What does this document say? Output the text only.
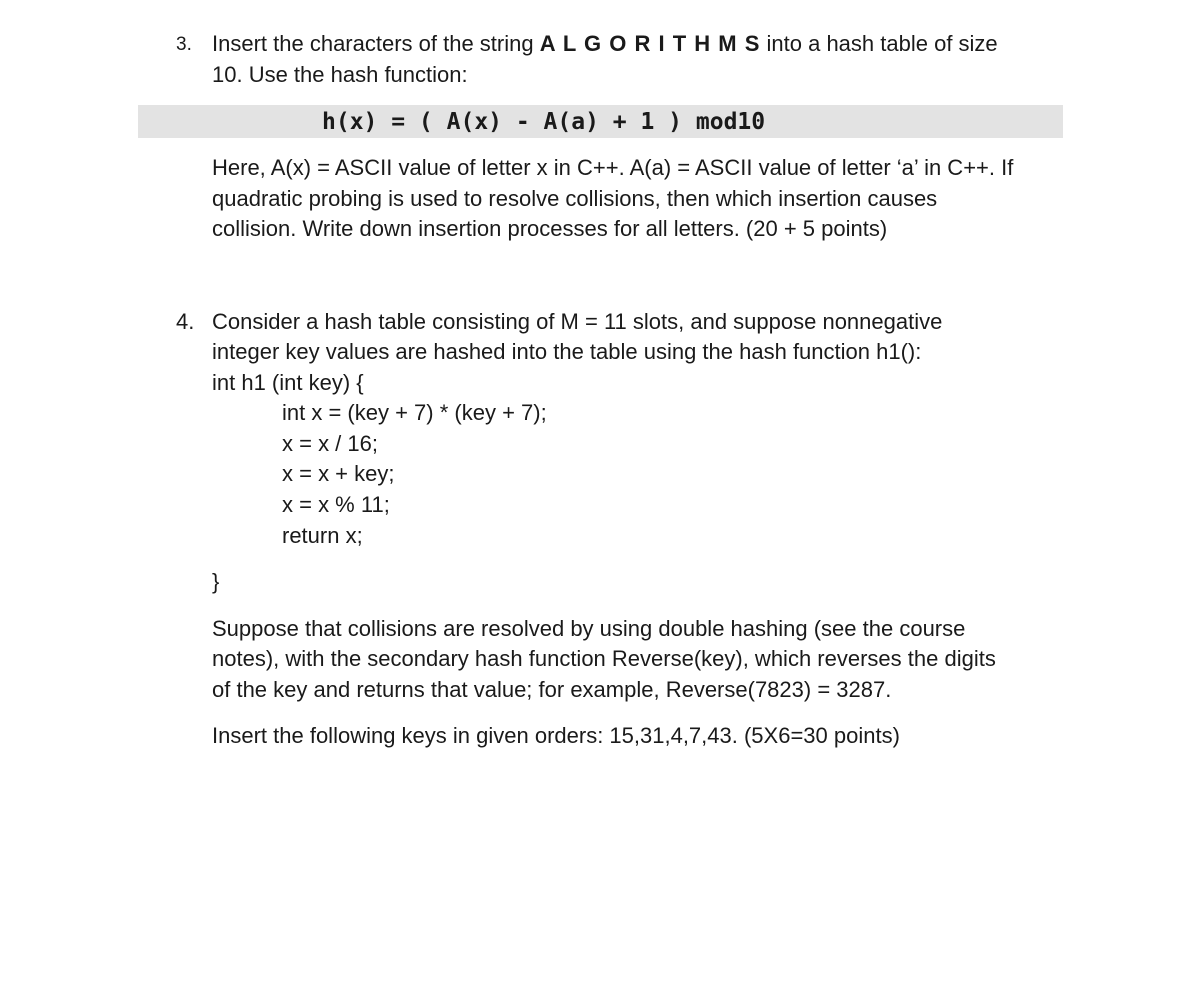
3. Insert the characters of the string A L G O R I T H M S into a hash table of size
10. Use the hash function:
h(x) = ( A(x) - A(a) + 1 ) mod10
Here, A(x) = ASCII value of letter x in C++. A(a) = ASCII value of letter ‘a’ in C++. If
quadratic probing is used to resolve collisions, then which insertion causes
collision. Write down insertion processes for all letters. (20 + 5 points)
4. Consider a hash table consisting of M = 11 slots, and suppose nonnegative
integer key values are hashed into the table using the hash function h1():
int h1 (int key) {
int x = (key + 7) * (key + 7);
x = x / 16;
x = x + key;
x = x % 11;
return x;
}
Suppose that collisions are resolved by using double hashing (see the course
notes), with the secondary hash function Reverse(key), which reverses the digits
of the key and returns that value; for example, Reverse(7823) = 3287.
Insert the following keys in given orders: 15,31,4,7,43. (5X6=30 points)
